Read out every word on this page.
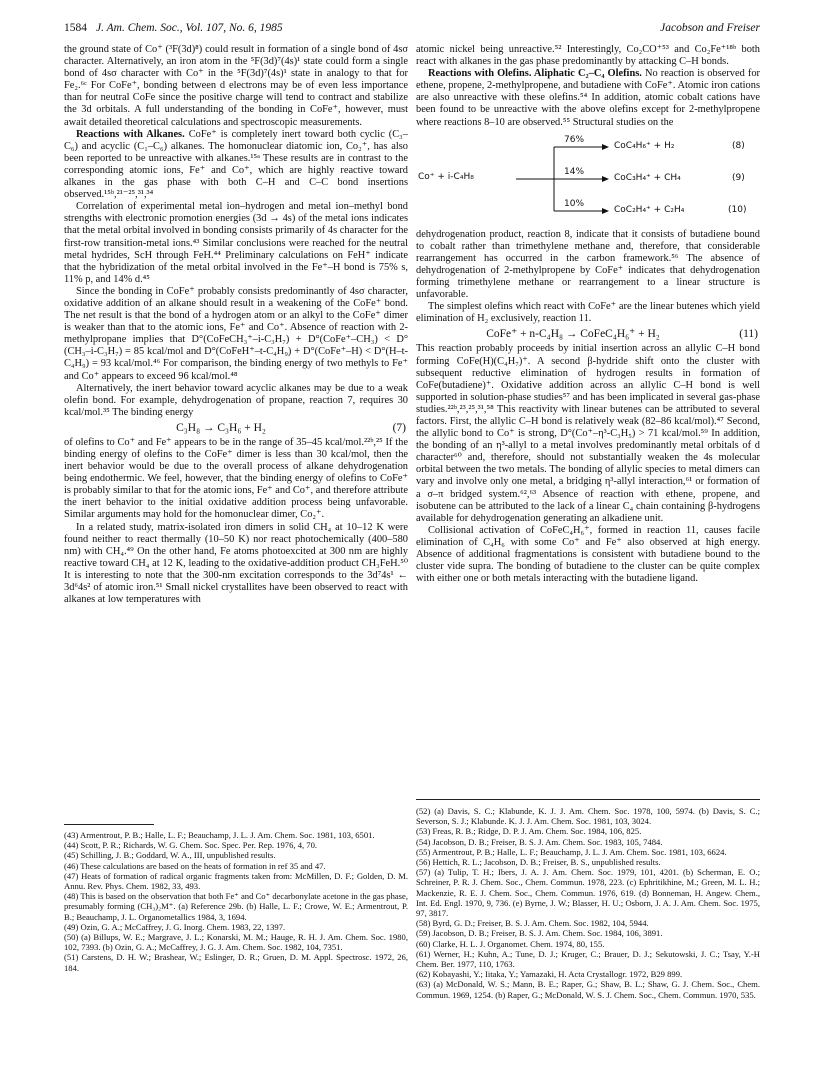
1584 J. Am. Chem. Soc., Vol. 107, No. 6, 1985	Jacobson and Freiser

the ground state of Co⁺ (³F(3d)⁸) could result in formation of a single bond of 4sσ character. Alternatively, an iron atom in the ⁵F(3d)⁷(4s)¹ state could form a single bond of 4sσ character with Co⁺ in the ⁵F(3d)⁷(4s)¹ state in analogy to that for Fe₂.⁶ᶜ For CoFe⁺, bonding between d electrons may be of even less importance than for neutral CoFe since the positive charge will tend to contract and stabilize the 3d orbitals. A full understanding of the bonding in CoFe⁺, however, must await detailed theoretical calculations and spectroscopic measurements.

Reactions with Alkanes. CoFe⁺ is completely inert toward both cyclic (C₃–C₆) and acyclic (C₁–C₆) alkanes. The homonuclear diatomic ion, Co₂⁺, has also been reported to be unreactive with alkanes.¹⁵ᵃ These results are in contrast to the corresponding atomic ions, Fe⁺ and Co⁺, which are highly reactive toward alkanes in the gas phase with both C–H and C–C bond insertions observed.¹⁵ᵇ,²¹⁻²⁵,³¹,³⁴

Correlation of experimental metal ion–hydrogen and metal ion–methyl bond strengths with electronic promotion energies (3d → 4s) of the metal ions indicates that the metal orbital involved in bonding consists primarily of 4s character for the first-row transition-metal ions.⁴³ Similar conclusions were reached for the neutral metal hydrides, ScH through FeH.⁴⁴ Preliminary calculations on FeH⁺ indicate that the hybridization of the metal orbital involved in the Fe⁺–H bond is 75% s, 11% p, and 14% d.⁴⁵

Since the bonding in CoFe⁺ probably consists predominantly of 4sσ character, oxidative addition of an alkane should result in a weakening of the CoFe⁺ bond. The net result is that the bond of a hydrogen atom or an alkyl to the CoFe⁺ dimer is weaker than that to the atomic ions, Fe⁺ and Co⁺. Absence of reaction with 2-methylpropane implies that D°(CoFeCH₃⁺–i-C₃H₇) + D°(CoFe⁺–CH₃) < D°(CH₃–i-C₃H₇) = 85 kcal/mol and D°(CoFeH⁺–t-C₄H₉) + D°(CoFe⁺–H) < D°(H–t-C₄H₉) = 93 kcal/mol.⁴⁶ For comparison, the binding energy of two methyls to Fe⁺ and Co⁺ appears to exceed 96 kcal/mol.⁴⁸

Alternatively, the inert behavior toward acyclic alkanes may be due to a weak olefin bond. For example, dehydrogenation of propane, reaction 7, requires 30 kcal/mol.³⁵ The binding energy

C₃H₈ → C₃H₆ + H₂	(7)

of olefins to Co⁺ and Fe⁺ appears to be in the range of 35–45 kcal/mol.²²ᵇ,²⁵ If the binding energy of olefins to the CoFe⁺ dimer is less than 30 kcal/mol, then the inert behavior would be due to the overall process of alkane dehydrogenation being endothermic. We feel, however, that the binding energy of olefins to CoFe⁺ is probably similar to that for the atomic ions, Fe⁺ and Co⁺, and therefore attribute the inert behavior to the initial oxidative addition process being unfavorable. Similar arguments may hold for the homonuclear dimer, Co₂⁺.

In a related study, matrix-isolated iron dimers in solid CH₄ at 10–12 K were found neither to react thermally (10–50 K) nor react photochemically (400–580 nm) with CH₄.⁴⁹ On the other hand, Fe atoms photoexcited at 300 nm are highly reactive toward CH₄ at 12 K, leading to the oxidative-addition product CH₃FeH.⁵⁰ It is interesting to note that the 300-nm excitation corresponds to the 3d⁷4s¹ ← 3d⁶4s² of atomic iron.⁵¹ Small nickel crystallites have been observed to react with alkanes at low temperatures with

atomic nickel being unreactive.⁵² Interestingly, Co₂CO⁺⁵³ and Co₂Fe⁺¹⁸ᵇ both react with alkanes in the gas phase predominantly by attacking C–H bonds.

Reactions with Olefins. Aliphatic C₂–C₄ Olefins. No reaction is observed for ethene, propene, 2-methylpropene, and butadiene with CoFe⁺. Atomic iron cations are also unreactive with these olefins.⁵⁴ In addition, atomic cobalt cations have been found to be unreactive with the above olefins except for 2-methylpropene where reactions 8–10 are observed.⁵⁵ Structural studies on the

Co⁺ + i-C₄H₈
76%
CoC₄H₆⁺ + H₂	(8)
14%
CoC₃H₄⁺ + CH₄	(9)
10%
CoC₂H₄⁺ + C₂H₄	(10)

dehydrogenation product, reaction 8, indicate that it consists of butadiene bound to cobalt rather than trimethylene methane and, therefore, that considerable rearrangement has occurred in the carbon framework.⁵⁶ The absence of dehydrogenation of 2-methylpropene by CoFe⁺ indicates that dehydrogenation forming trimethylene methane or rearrangement to a linear structure is unfavorable.

The simplest olefins which react with CoFe⁺ are the linear butenes which yield elimination of H₂ exclusively, reaction 11.

CoFe⁺ + n-C₄H₈ → CoFeC₄H₆⁺ + H₂	(11)

This reaction probably proceeds by initial insertion across an allylic C–H bond forming CoFe(H)(C₄H₇)⁺. A second β-hydride shift onto the cluster with subsequent reductive elimination of hydrogen results in formation of CoFe(butadiene)⁺. Oxidative addition across an allylic C–H bond is well supported in solution-phase studies⁵⁷ and has been implicated in several gas-phase studies.²²ᵇ,²³,²⁵,³¹,⁵⁸ This reactivity with linear butenes can be attributed to several factors. First, the allylic C–H bond is relatively weak (82–86 kcal/mol).⁴⁷ Second, the allylic bond to Co⁺ is strong, D°(Co⁺–η³-C₃H₅) > 71 kcal/mol.⁵⁹ In addition, the bonding of an η³-allyl to a metal involves predominantly metal orbitals of d character⁶⁰ and, therefore, should not substantially weaken the 4s molecular orbital between the two metals. The bonding of allylic species to metal dimers can vary and involve only one metal, a bridging η³-allyl interaction,⁶¹ or formation of a σ–π bridged system.⁶²,⁶³ Absence of reaction with ethene, propene, and isobutene can be attributed to the lack of a linear C₄ chain containing β-hydrogens available for dehydrogenation generating an alkadiene unit.

Collisional activation of CoFeC₄H₆⁺, formed in reaction 11, causes facile elimination of C₄H₆ with some Co⁺ and Fe⁺ also observed at high energy. Absence of additional fragmentations is consistent with butadiene bound to the cluster vide supra. The bonding of butadiene to the cluster can be quite complex with either one or both metals interacting with the butadiene ligand.

(43) Armentrout, P. B.; Halle, L. F.; Beauchamp, J. L. J. Am. Chem. Soc. 1981, 103, 6501.

(44) Scott, P. R.; Richards, W. G. Chem. Soc. Spec. Per. Rep. 1976, 4, 70.

(45) Schilling, J. B.; Goddard, W. A., III, unpublished results.

(46) These calculations are based on the heats of formation in ref 35 and 47.

(47) Heats of formation of radical organic fragments taken from: McMillen, D. F.; Golden, D. M. Annu. Rev. Phys. Chem. 1982, 33, 493.

(48) This is based on the observation that both Fe⁺ and Co⁺ decarbonylate acetone in the gas phase, presumably forming (CH₃)₂M⁺. (a) Reference 29b. (b) Halle, L. F.; Crowe, W. E.; Armentrout, P. B.; Beauchamp, J. L. Organometallics 1984, 3, 1694.

(49) Ozin, G. A.; McCaffrey, J. G. Inorg. Chem. 1983, 22, 1397.

(50) (a) Billups, W. E.; Margrave, J. L.; Konarski, M. M.; Hauge, R. H. J. Am. Chem. Soc. 1980, 102, 7393. (b) Ozin, G. A.; McCaffrey, J. G. J. Am. Chem. Soc. 1982, 104, 7351.

(51) Carstens, D. H. W.; Brashear, W.; Eslinger, D. R.; Gruen, D. M. Appl. Spectrosc. 1972, 26, 184.

(52) (a) Davis, S. C.; Klabunde, K. J. J. Am. Chem. Soc. 1978, 100, 5974. (b) Davis, S. C.; Severson, S. J.; Klabunde. K. J. J. Am. Chem. Soc. 1981, 103, 3024.

(53) Freas, R. B.; Ridge, D. P. J. Am. Chem. Soc. 1984, 106, 825.

(54) Jacobson, D. B.; Freiser, B. S. J. Am. Chem. Soc. 1983, 105, 7484.

(55) Armentrout, P. B.; Halle, L. F.; Beauchamp, J. L. J. Am. Chem. Soc. 1981, 103, 6624.

(56) Hettich, R. L.; Jacobson, D. B.; Freiser, B. S., unpublished results.

(57) (a) Tulip, T. H.; Ibers, J. A. J. Am. Chem. Soc. 1979, 101, 4201. (b) Scherman, E. O.; Schreiner, P. R. J. Chem. Soc., Chem. Commun. 1978, 223. (c) Ephritikhine, M.; Green, M. L. H.; Mackenzie, R. E. J. Chem. Soc., Chem. Commun. 1976, 619. (d) Bonneman, H. Angew. Chem., Int. Ed. Engl. 1970, 9, 736. (e) Byrne, J. W.; Blasser, H. U.; Osborn, J. A. J. Am. Chem. Soc. 1975, 97, 3817.

(58) Byrd, G. D.; Freiser, B. S. J. Am. Chem. Soc. 1982, 104, 5944.

(59) Jacobson, D. B.; Freiser, B. S. J. Am. Chem. Soc. 1984, 106, 3891.

(60) Clarke, H. L. J. Organomet. Chem. 1974, 80, 155.

(61) Werner, H.; Kuhn, A.; Tune, D. J.; Kruger, C.; Brauer, D. J.; Sekutowski, J. C.; Tsay, Y.-H Chem. Ber. 1977, 110, 1763.

(62) Kobayashi, Y.; Iitaka, Y.; Yamazaki, H. Acta Crystallogr. 1972, B29 899.

(63) (a) McDonald, W. S.; Mann, B. E.; Raper, G.; Shaw, B. L.; Shaw, G. J. Chem. Soc., Chem. Commun. 1969, 1254. (b) Raper, G.; McDonald, W. S. J. Chem. Soc., Chem. Commun. 1970, 535.
